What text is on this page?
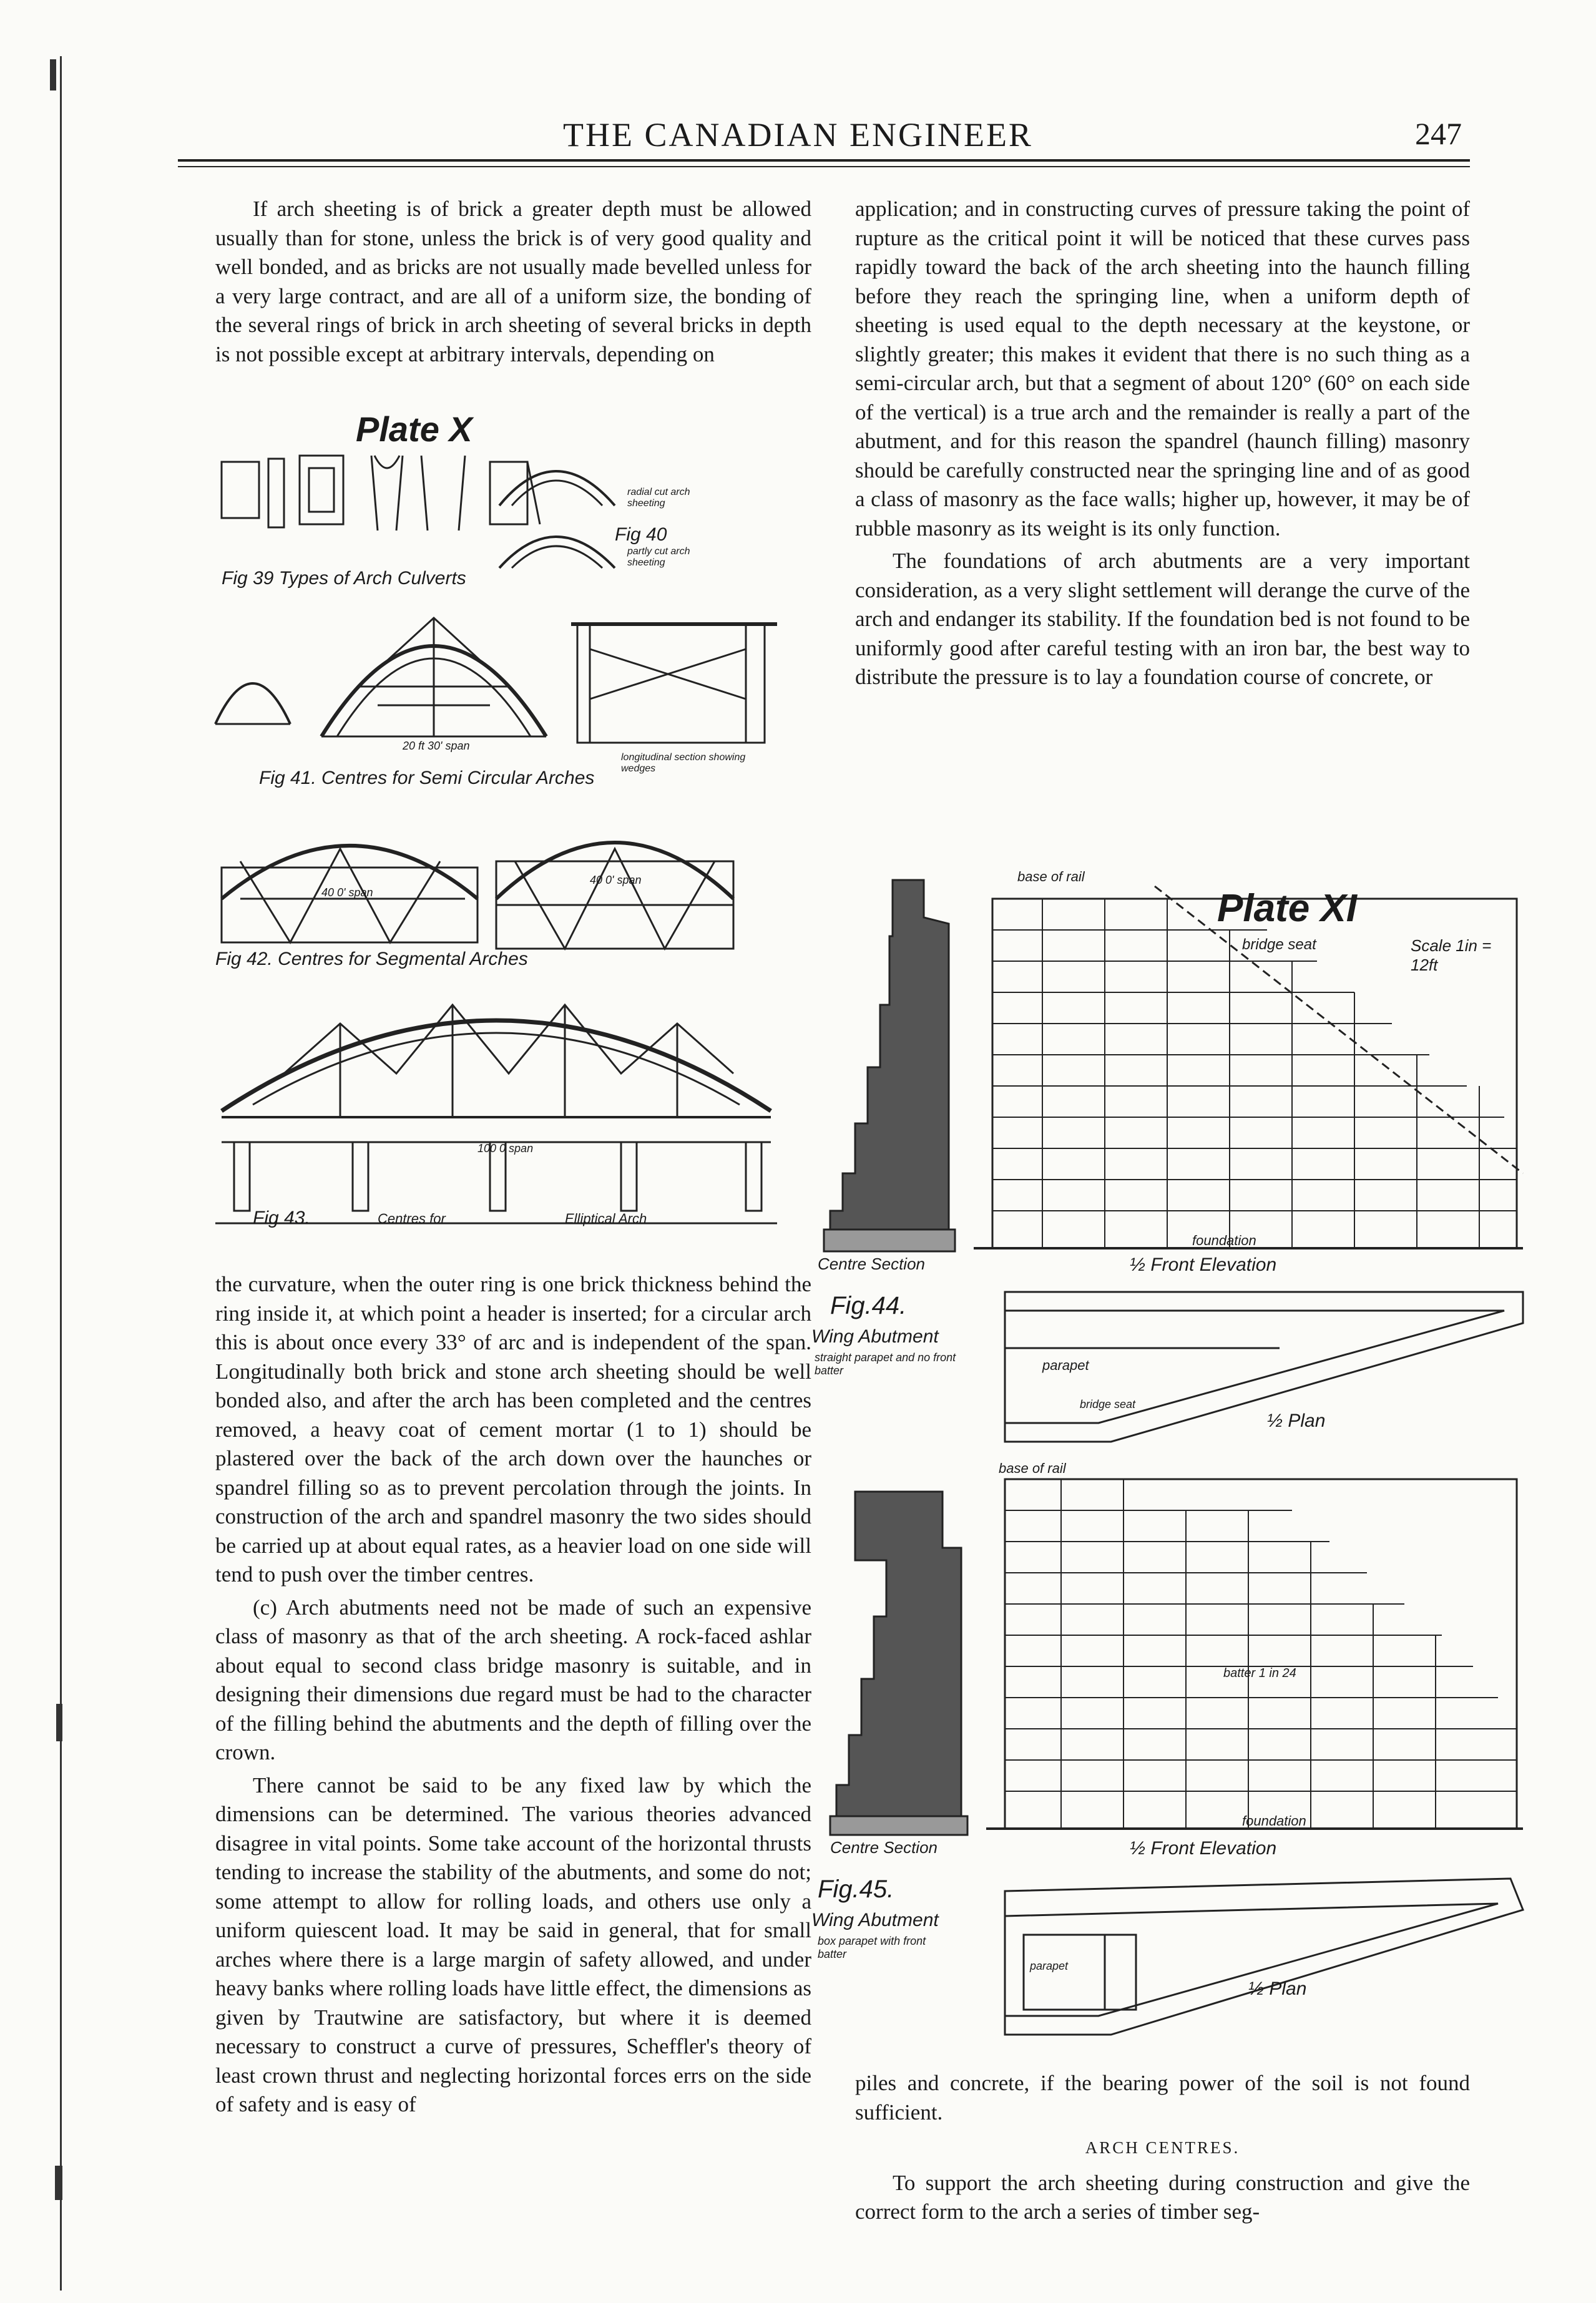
THE CANADIAN ENGINEER	247

If arch sheeting is of brick a greater depth must be allowed usually than for stone, unless the brick is of very good quality and well bonded, and as bricks are not usually made bevelled unless for a very large contract, and are all of a uniform size, the bonding of the several rings of brick in arch sheeting of several bricks in depth is not possible except at arbitrary intervals, depending on

Plate X
Fig 39 Types of Arch Culverts
Fig 40
radial cut arch sheeting
partly cut arch sheeting
20 ft 30' span
Fig 41. Centres for Semi Circular Arches
longitudinal section showing wedges
40 0' span
40 0' span
Fig 42. Centres for Segmental Arches
100 0 span
Fig 43.	Centres for	Elliptical Arch

the curvature, when the outer ring is one brick thickness behind the ring inside it, at which point a header is inserted; for a circular arch this is about once every 33° of arc and is independent of the span. Longitudinally both brick and stone arch sheeting should be well bonded also, and after the arch has been completed and the centres removed, a heavy coat of cement mortar (1 to 1) should be plastered over the back of the arch down over the haunches or spandrel filling so as to prevent percolation through the joints. In construction of the arch and spandrel masonry the two sides should be carried up at about equal rates, as a heavier load on one side will tend to push over the timber centres.

(c) Arch abutments need not be made of such an expensive class of masonry as that of the arch sheeting. A rock-faced ashlar about equal to second class bridge masonry is suitable, and in designing their dimensions due regard must be had to the character of the filling behind the abutments and the depth of filling over the crown.

There cannot be said to be any fixed law by which the dimensions can be determined. The various theories advanced disagree in vital points. Some take account of the horizontal thrusts tending to increase the stability of the abutments, and some do not; some attempt to allow for rolling loads, and others use only a uniform quiescent load. It may be said in general, that for small arches where there is a large margin of safety allowed, and under heavy banks where rolling loads have little effect, the dimensions as given by Trautwine are satisfactory, but where it is deemed necessary to construct a curve of pressures, Scheffler's theory of least crown thrust and neglecting horizontal forces errs on the side of safety and is easy of

application; and in constructing curves of pressure taking the point of rupture as the critical point it will be noticed that these curves pass rapidly toward the back of the arch sheeting into the haunch filling before they reach the springing line, when a uniform depth of sheeting is used equal to the depth necessary at the keystone, or slightly greater; this makes it evident that there is no such thing as a semi-circular arch, but that a segment of about 120° (60° on each side of the vertical) is a true arch and the remainder is really a part of the abutment, and for this reason the spandrel (haunch filling) masonry should be carefully constructed near the springing line and of as good a class of masonry as the face walls; higher up, however, it may be of rubble masonry as its weight is its only function.

The foundations of arch abutments are a very important consideration, as a very slight settlement will derange the curve of the arch and endanger its stability. If the foundation bed is not found to be uniformly good after careful testing with an iron bar, the best way to distribute the pressure is to lay a foundation course of concrete, or

Plate XI
Scale 1in = 12ft
bridge seat
base of rail
Centre Section
foundation
½ Front Elevation
Fig.44.
Wing Abutment
straight parapet and no front batter	parapet
bridge seat
½ Plan
base of rail
batter 1 in 24
foundation
Centre Section	½ Front Elevation
Fig.45.
Wing Abutment
box parapet with front batter
parapet
½ Plan

piles and concrete, if the bearing power of the soil is not found sufficient.

ARCH CENTRES.

To support the arch sheeting during construction and give the correct form to the arch a series of timber seg-
